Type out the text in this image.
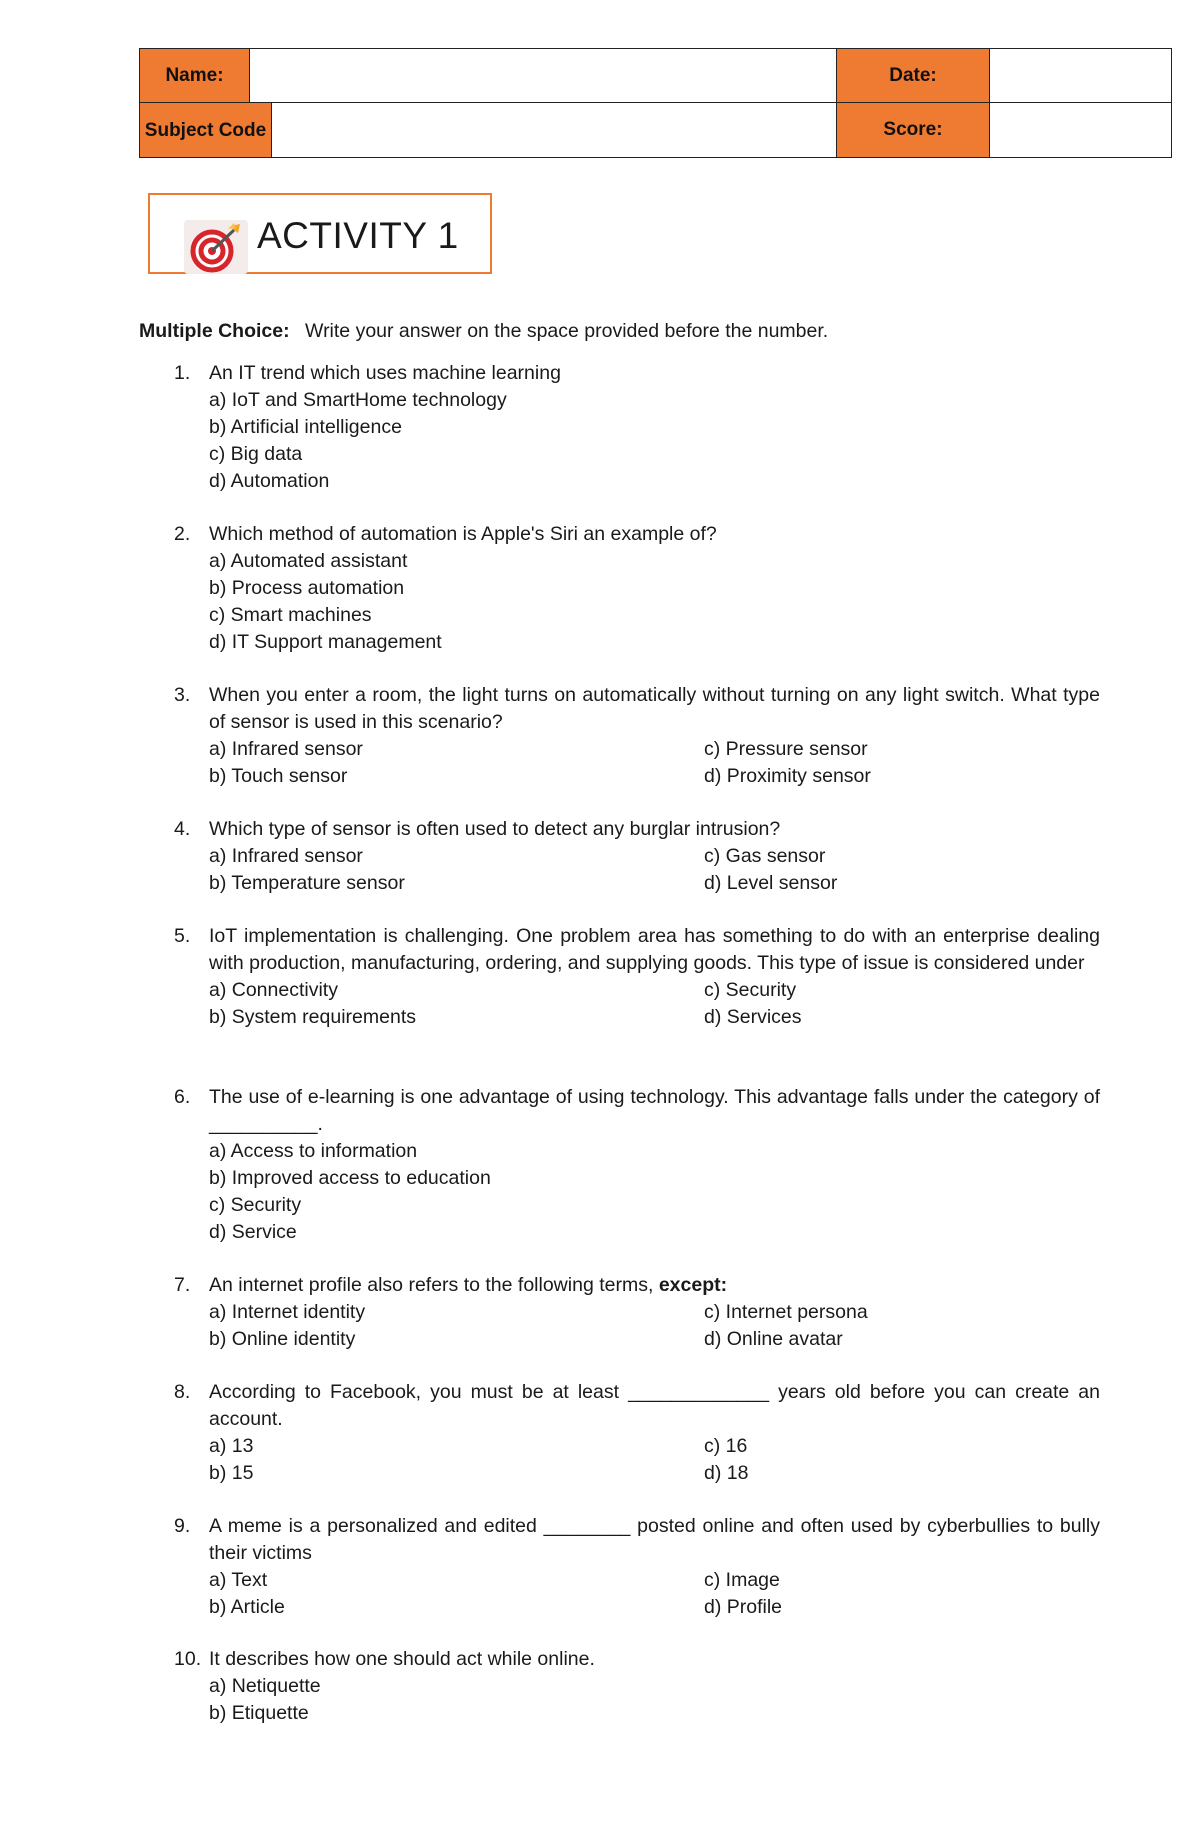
Name:			Date:	
Subject Code			Score:	
ACTIVITY 1
Multiple Choice: Write your answer on the space provided before the number.
1. An IT trend which uses machine learning
a) IoT and SmartHome technology
b) Artificial intelligence
c) Big data
d) Automation
2. Which method of automation is Apple's Siri an example of?
a) Automated assistant
b) Process automation
c) Smart machines
d) IT Support management
3. When you enter a room, the light turns on automatically without turning on any light switch. What type of sensor is used in this scenario?
a) Infrared sensor	c) Pressure sensor
b) Touch sensor	d) Proximity sensor
4. Which type of sensor is often used to detect any burglar intrusion?
a) Infrared sensor	c) Gas sensor
b) Temperature sensor	d) Level sensor
5. IoT implementation is challenging. One problem area has something to do with an enterprise dealing with production, manufacturing, ordering, and supplying goods. This type of issue is considered under
a) Connectivity	c) Security
b) System requirements	d) Services
6. The use of e-learning is one advantage of using technology. This advantage falls under the category of __________.
a) Access to information
b) Improved access to education
c) Security
d) Service
7. An internet profile also refers to the following terms, except:
a) Internet identity	c) Internet persona
b) Online identity	d) Online avatar
8. According to Facebook, you must be at least _____________ years old before you can create an account.
a) 13	c) 16
b) 15	d) 18
9. A meme is a personalized and edited ________ posted online and often used by cyberbullies to bully their victims
a) Text	c) Image
b) Article	d) Profile
10. It describes how one should act while online.
a) Netiquette
b) Etiquette
